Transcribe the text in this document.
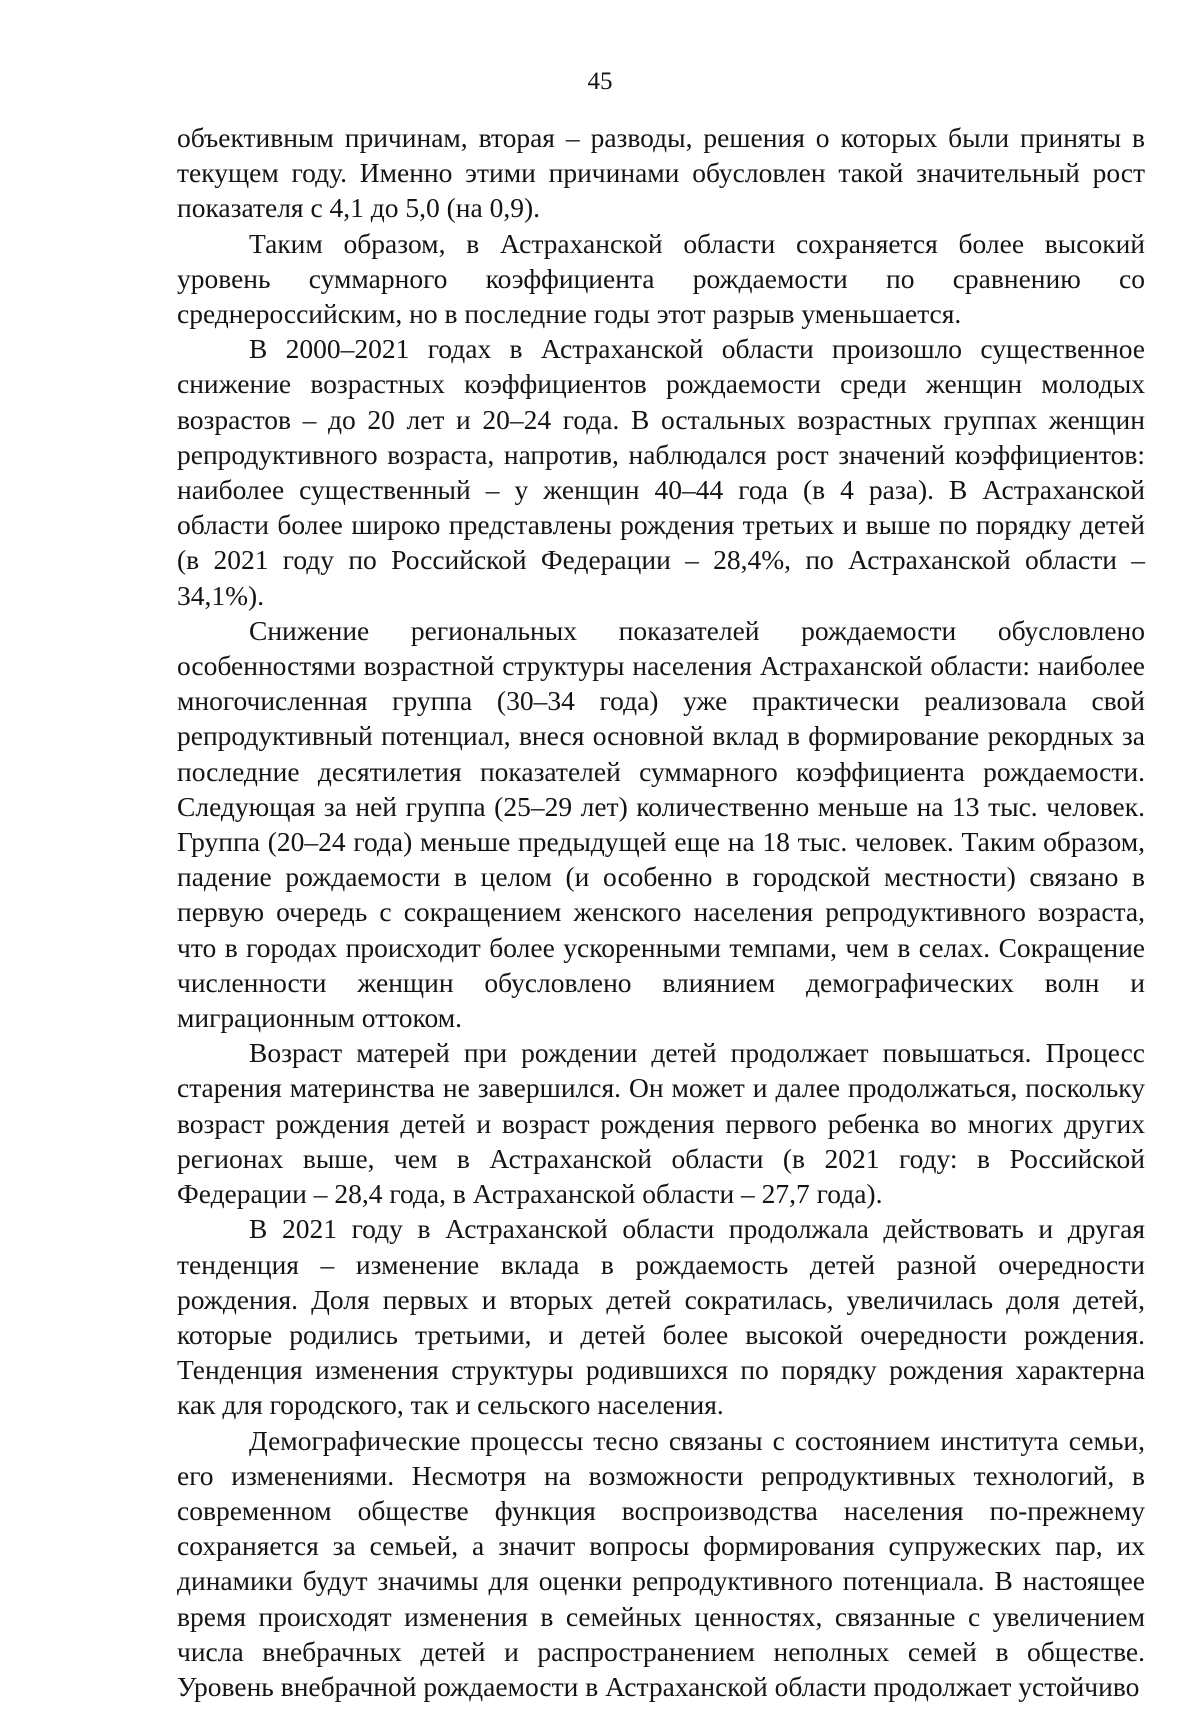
45

объективным причинам, вторая – разводы, решения о которых были приняты в текущем году. Именно этими причинами обусловлен такой значительный рост показателя с 4,1 до 5,0 (на 0,9).

Таким образом, в Астраханской области сохраняется более высокий уровень суммарного коэффициента рождаемости по сравнению со среднероссийским, но в последние годы этот разрыв уменьшается.

В 2000–2021 годах в Астраханской области произошло существенное снижение возрастных коэффициентов рождаемости среди женщин молодых возрастов – до 20 лет и 20–24 года. В остальных возрастных группах женщин репродуктивного возраста, напротив, наблюдался рост значений коэффициентов: наиболее существенный – у женщин 40–44 года (в 4 раза). В Астраханской области более широко представлены рождения третьих и выше по порядку детей (в 2021 году по Российской Федерации – 28,4%, по Астраханской области – 34,1%).

Снижение региональных показателей рождаемости обусловлено особенностями возрастной структуры населения Астраханской области: наиболее многочисленная группа (30–34 года) уже практически реализовала свой репродуктивный потенциал, внеся основной вклад в формирование рекордных за последние десятилетия показателей суммарного коэффициента рождаемости. Следующая за ней группа (25–29 лет) количественно меньше на 13 тыс. человек. Группа (20–24 года) меньше предыдущей еще на 18 тыс. человек. Таким образом, падение рождаемости в целом (и особенно в городской местности) связано в первую очередь с сокращением женского населения репродуктивного возраста, что в городах происходит более ускоренными темпами, чем в селах. Сокращение численности женщин обусловлено влиянием демографических волн и миграционным оттоком.

Возраст матерей при рождении детей продолжает повышаться. Процесс старения материнства не завершился. Он может и далее продолжаться, поскольку возраст рождения детей и возраст рождения первого ребенка во многих других регионах выше, чем в Астраханской области (в 2021 году: в Российской Федерации – 28,4 года, в Астраханской области – 27,7 года).

В 2021 году в Астраханской области продолжала действовать и другая тенденция – изменение вклада в рождаемость детей разной очередности рождения. Доля первых и вторых детей сократилась, увеличилась доля детей, которые родились третьими, и детей более высокой очередности рождения. Тенденция изменения структуры родившихся по порядку рождения характерна как для городского, так и сельского населения.

Демографические процессы тесно связаны с состоянием института семьи, его изменениями. Несмотря на возможности репродуктивных технологий, в современном обществе функция воспроизводства населения по-прежнему сохраняется за семьей, а значит вопросы формирования супружеских пар, их динамики будут значимы для оценки репродуктивного потенциала. В настоящее время происходят изменения в семейных ценностях, связанные с увеличением числа внебрачных детей и распространением неполных семей в обществе. Уровень внебрачной рождаемости в Астраханской области продолжает устойчиво
